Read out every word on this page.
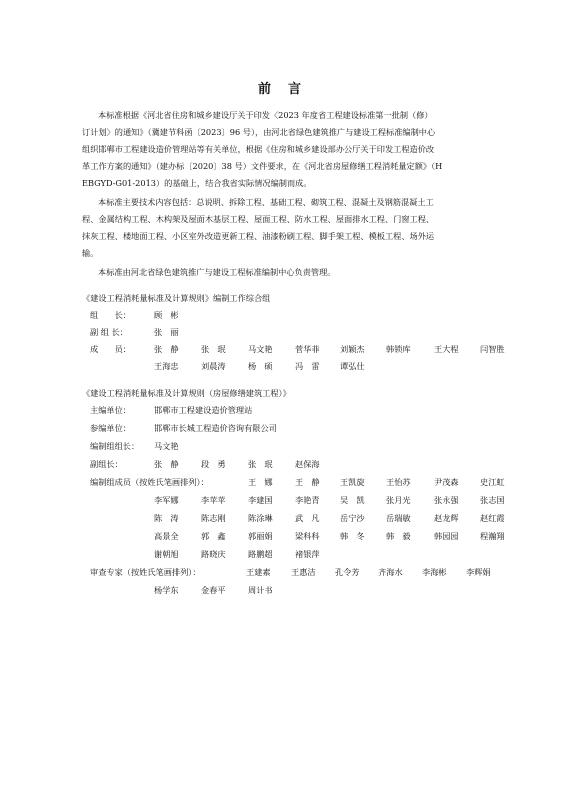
前　言
本标准根据《河北省住房和城乡建设厅关于印发〈2023 年度省工程建设标准第一批制（修）
订计划〉的通知》（冀建节科函〔2023〕96 号），由河北省绿色建筑推广与建设工程标准编制中心
组织邯郸市工程建设造价管理站等有关单位，根据《住房和城乡建设部办公厅关于印发工程造价改
革工作方案的通知》（建办标〔2020〕38 号）文件要求，在《河北省房屋修缮工程消耗量定额》（H
EBGYD-G01-2013）的基础上，结合我省实际情况编制而成。
本标准主要技术内容包括：总说明、拆除工程、基础工程、砌筑工程、混凝土及钢筋混凝土工
程、金属结构工程、木构架及屋面木基层工程、屋面工程、防水工程、屋面排水工程、门窗工程、
抹灰工程、楼地面工程、小区室外改造更新工程、油漆粉刷工程、脚手架工程、模板工程、场外运
输。
本标准由河北省绿色建筑推广与建设工程标准编制中心负责管理。
《建设工程消耗量标准及计算规则》编制工作综合组
组　　长：	顾　彬
副 组 长：	张　丽
成　　员：	张　静	张　珉	马文艳	菅华菲 刘颖杰	韩锁库	王大程	闫智胜
王海忠	刘晨涛	杨　硕	冯　雷 谭弘仕
《建设工程消耗量标准及计算规则（房屋修缮建筑工程）》
主编单位：	邯郸市工程建设造价管理站
参编单位：	邯郸市长城工程造价咨询有限公司
编制组组长： 马文艳
副组长：	张　静	段　勇	张　珉	赵保海
编制组成员（按姓氏笔画排列）：	王　娜	王　静 王凯旋	王怡苏	尹茂森	史江虹
李军娜	李苹苹	李建国	李艳青 吴　凯	张月光	张永强	张志国
陈　涛	陈志刚	陈涂琳	武　凡 岳宁沙	岳瑞敏	赵龙辉	赵红霞
高景全	郭　鑫	郭丽娟	梁科科 韩　冬	韩　毅	韩园园	程瀚翔
谢朝旭	路晓庆	路鹏超	褚银萍
审查专家（按姓氏笔画排列）：	王建素 王惠洁 孔令芳 齐海水 李海彬 李辉娟
杨学东	金春平	周计书
